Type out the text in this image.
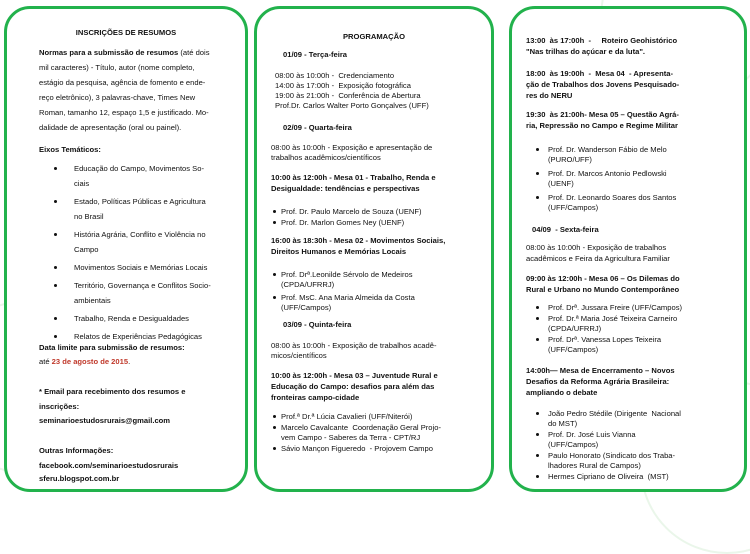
INSCRIÇÕES DE RESUMOS
Normas para a submissão de resumos (até dois
mil caracteres) - Título, autor (nome completo,
estágio da pesquisa, agência de fomento e ende-
reço eletrônico), 3 palavras-chave, Times New
Roman, tamanho 12, espaço 1,5 e justificado. Mo-
dalidade de apresentação (oral ou painel).
Eixos Temáticos:
Educação do Campo, Movimentos So-
ciais
Estado, Políticas Públicas e Agricultura
no Brasil
História Agrária, Conflito e Violência no
Campo
Movimentos Sociais e Memórias Locais
Território, Governança e Conflitos Socio-
ambientais
Trabalho, Renda e Desigualdades
Relatos de Experiências Pedagógicas
Data limite para submissão de resumos:
até 23 de agosto de 2015.
* Email para recebimento dos resumos e
inscrições:
seminarioestudosrurais@gmail.com
Outras Informações:
facebook.com/seminarioestudosrurais
sferu.blogspot.com.br
PROGRAMAÇÃO
01/09 - Terça-feira
08:00 às 10:00h -  Credenciamento
14:00 às 17:00h -  Exposição fotográfica
19:00 às 21:00h -  Conferência de Abertura
Prof.Dr. Carlos Walter Porto Gonçalves (UFF)
02/09 - Quarta-feira
08:00 às 10:00h - Exposição e apresentação de
trabalhos acadêmicos/científicos
10:00 às 12:00h - Mesa 01 - Trabalho, Renda e
Desigualdade: tendências e perspectivas
Prof. Dr. Paulo Marcelo de Souza (UENF)
Prof. Dr. Marlon Gomes Ney (UENF)
16:00 às 18:30h - Mesa 02 - Movimentos Sociais,
Direitos Humanos e Memórias Locais
Prof. Drª.Leonilde Sérvolo de Medeiros
(CPDA/UFRRJ)
Prof. MsC. Ana Maria Almeida da Costa
(UFF/Campos)
03/09 - Quinta-feira
08:00 às 10:00h - Exposição de trabalhos acadê-
micos/científicos
10:00 às 12:00h - Mesa 03 – Juventude Rural e
Educação do Campo: desafios para além das
fronteiras campo-cidade
Prof.ª Dr.ª Lúcia Cavalieri (UFF/Niterói)
Marcelo Cavalcante  Coordenação Geral Projo-
vem Campo - Saberes da Terra - CPT/RJ
Sávio Mançon Figueredo  - Projovem Campo
13:00  às 17:00h  -     Roteiro Geohistórico
"Nas trilhas do açúcar e da luta".
18:00  às 19:00h  -  Mesa 04  - Apresenta-
ção de Trabalhos dos Jovens Pesquisado-
res do NERU
19:30  às 21:00h- Mesa 05 – Questão Agrá-
ria, Repressão no Campo e Regime Militar
Prof. Dr. Wanderson Fábio de Melo
(PURO/UFF)
Prof. Dr. Marcos Antonio Pedlowski
(UENF)
Prof. Dr. Leonardo Soares dos Santos
(UFF/Campos)
04/09  - Sexta-feira
08:00 às 10:00h - Exposição de trabalhos
acadêmicos e Feira da Agricultura Familiar
09:00 às 12:00h - Mesa 06 – Os Dilemas do
Rural e Urbano no Mundo Contemporâneo
Prof. Drª. Jussara Freire (UFF/Campos)
Prof. Dr.ª Maria José Teixeira Carneiro
(CPDA/UFRRJ)
Prof. Drª. Vanessa Lopes Teixeira
(UFF/Campos)
14:00h— Mesa de Encerramento – Novos
Desafios da Reforma Agrária Brasileira:
ampliando o debate
João Pedro Stédile (Dirigente  Nacional
do MST)
Prof. Dr. José Luis Vianna
(UFF/Campos)
Paulo Honorato (Sindicato dos Traba-
lhadores Rural de Campos)
Hermes Cipriano de Oliveira  (MST)
